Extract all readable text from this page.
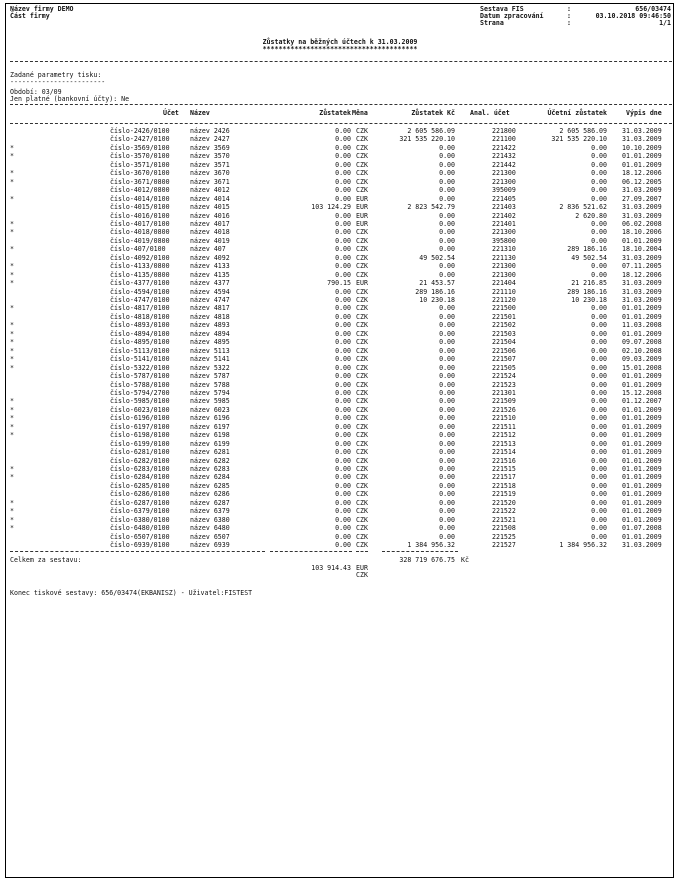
Název firmy DEMO
Část firmy
Sestava FIS	:	656/03474
Datum zpracování	:	03.10.2018 09:46:50
Strana	:	1/1
Zůstatky na běžných účtech k 31.03.2009
***************************************
Zadané parametry tisku:
------------------------
Období: 03/09
Jen platné (bankovní účty): Ne
Účet Název	Zůstatek Měna	Zůstatek Kč Anal. účet	Účetní zůstatek	Výpis dne
číslo-2426/0100	název 2426	0.00 CZK	2 605 586.09	221800	2 605 586.09 31.03.2009
číslo-2427/0100	název 2427	0.00 CZK	321 535 220.10	221100	321 535 220.10 31.03.2009
*	číslo-3569/0100	název 3569	0.00 CZK	0.00	221422	0.00 10.10.2009
*	číslo-3570/0100	název 3570	0.00 CZK	0.00	221432	0.00 01.01.2009
číslo-3571/0100	název 3571	0.00 CZK	0.00	221442	0.00 01.01.2009
*	číslo-3670/0100	název 3670	0.00 CZK	0.00	221300	0.00 18.12.2006
*	číslo-3671/0800	název 3671	0.00 CZK	0.00	221300	0.00 06.12.2005
číslo-4012/0800	název 4012	0.00 CZK	0.00	395009	0.00 31.03.2009
*	číslo-4014/0100	název 4014	0.00 EUR	0.00	221405	0.00 27.09.2007
číslo-4015/0100	název 4015	103 124.29 EUR	2 823 542.79	221403	2 836 521.62 31.03.2009
číslo-4016/0100	název 4016	0.00 EUR	0.00	221402	2 620.80 31.03.2009
*	číslo-4017/0100	název 4017	0.00 EUR	0.00	221401	0.00 06.02.2008
*	číslo-4018/0800	název 4018	0.00 CZK	0.00	221300	0.00 18.10.2006
číslo-4019/0800	název 4019	0.00 CZK	0.00	395800	0.00 01.01.2009
*	číslo-407/0100	název 407	0.00 CZK	0.00	221310	289 186.16 18.10.2004
číslo-4092/0100	název 4092	0.00 CZK	49 502.54	221130	49 502.54 31.03.2009
*	číslo-4133/0800	název 4133	0.00 CZK	0.00	221300	0.00 07.11.2005
*	číslo-4135/0800	název 4135	0.00 CZK	0.00	221300	0.00 18.12.2006
*	číslo-4377/0100	název 4377	790.15 EUR	21 453.57	221404	21 216.85 31.03.2009
číslo-4594/0100	název 4594	0.00 CZK	289 186.16	221110	289 186.16 31.03.2009
číslo-4747/0100	název 4747	0.00 CZK	10 230.18	221120	10 230.18 31.03.2009
*	číslo-4817/0100	název 4817	0.00 CZK	0.00	221500	0.00 01.01.2009
číslo-4818/0100	název 4818	0.00 CZK	0.00	221501	0.00 01.01.2009
*	číslo-4893/0100	název 4893	0.00 CZK	0.00	221502	0.00 11.03.2008
*	číslo-4894/0100	název 4894	0.00 CZK	0.00	221503	0.00 01.01.2009
*	číslo-4895/0100	název 4895	0.00 CZK	0.00	221504	0.00 09.07.2008
*	číslo-5113/0100	název 5113	0.00 CZK	0.00	221506	0.00 02.10.2008
*	číslo-5141/0100	název 5141	0.00 CZK	0.00	221507	0.00 09.03.2009
*	číslo-5322/0100	název 5322	0.00 CZK	0.00	221505	0.00 15.01.2008
číslo-5787/0100	název 5787	0.00 CZK	0.00	221524	0.00 01.01.2009
číslo-5788/0100	název 5788	0.00 CZK	0.00	221523	0.00 01.01.2009
číslo-5794/2700	název 5794	0.00 CZK	0.00	221301	0.00 15.12.2008
*	číslo-5985/0100	název 5985	0.00 CZK	0.00	221509	0.00 01.12.2007
*	číslo-6023/0100	název 6023	0.00 CZK	0.00	221526	0.00 01.01.2009
*	číslo-6196/0100	název 6196	0.00 CZK	0.00	221510	0.00 01.01.2009
*	číslo-6197/0100	název 6197	0.00 CZK	0.00	221511	0.00 01.01.2009
*	číslo-6198/0100	název 6198	0.00 CZK	0.00	221512	0.00 01.01.2009
číslo-6199/0100	název 6199	0.00 CZK	0.00	221513	0.00 01.01.2009
číslo-6281/0100	název 6281	0.00 CZK	0.00	221514	0.00 01.01.2009
číslo-6282/0100	název 6282	0.00 CZK	0.00	221516	0.00 01.01.2009
*	číslo-6283/0100	název 6283	0.00 CZK	0.00	221515	0.00 01.01.2009
*	číslo-6284/0100	název 6284	0.00 CZK	0.00	221517	0.00 01.01.2009
číslo-6285/0100	název 6285	0.00 CZK	0.00	221518	0.00 01.01.2009
číslo-6286/0100	název 6286	0.00 CZK	0.00	221519	0.00 01.01.2009
*	číslo-6287/0100	název 6287	0.00 CZK	0.00	221520	0.00 01.01.2009
*	číslo-6379/0100	název 6379	0.00 CZK	0.00	221522	0.00 01.01.2009
*	číslo-6380/0100	název 6380	0.00 CZK	0.00	221521	0.00 01.01.2009
*	číslo-6480/0100	název 6480	0.00 CZK	0.00	221508	0.00 01.07.2008
číslo-6507/0100	název 6507	0.00 CZK	0.00	221525	0.00 01.01.2009
číslo-6939/0100	název 6939	0.00 CZK	1 384 956.32	221527	1 384 956.32 31.03.2009
Celkem za sestavu:	328 719 676.75 Kč
103 914.43 EUR
CZK
Konec tiskové sestavy: 656/03474(EKBANISZ) - Uživatel:FISTEST
